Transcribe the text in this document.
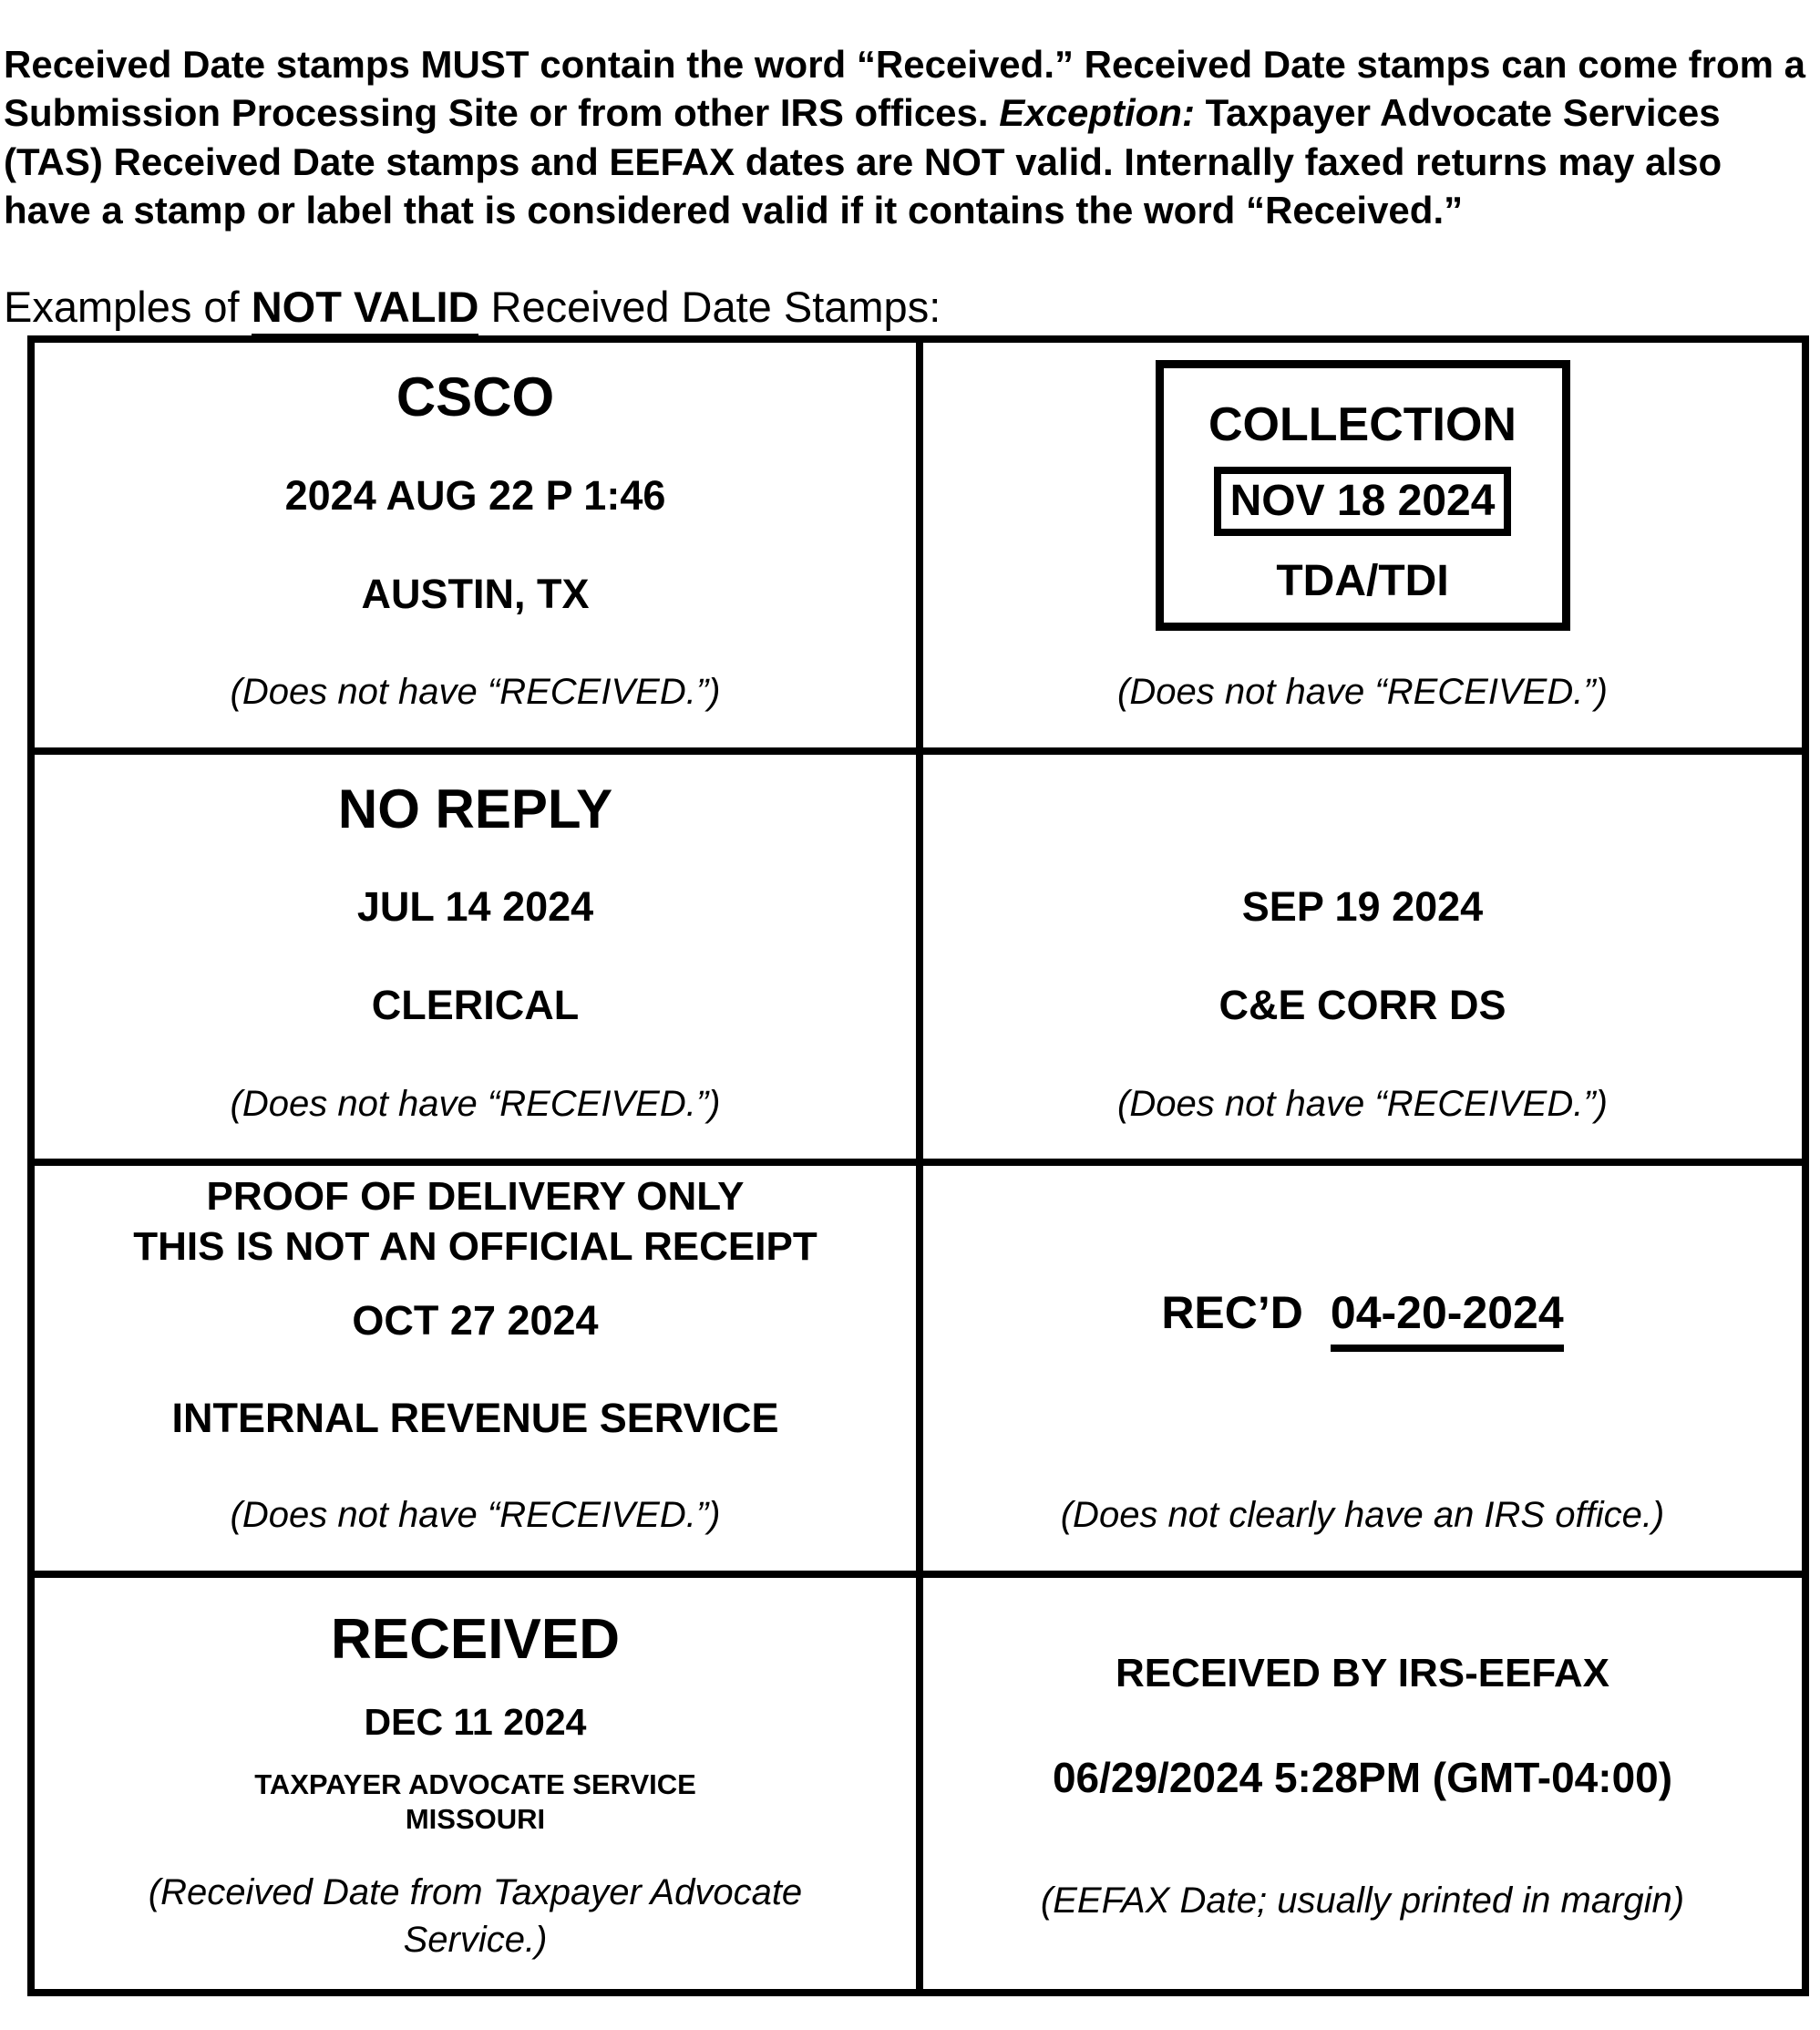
Received Date stamps MUST contain the word “Received.” Received Date stamps can come from a Submission Processing Site or from other IRS offices. Exception: Taxpayer Advocate Services (TAS) Received Date stamps and EEFAX dates are NOT valid. Internally faxed returns may also have a stamp or label that is considered valid if it contains the word “Received.”

Examples of NOT VALID Received Date Stamps:

CSCO
2024 AUG 22 P 1:46
AUSTIN, TX
(Does not have “RECEIVED.”)
COLLECTION
NOV 18 2024
TDA/TDI
(Does not have “RECEIVED.”)
NO REPLY
JUL 14 2024
CLERICAL
(Does not have “RECEIVED.”)
SEP 19 2024
C&E CORR DS
(Does not have “RECEIVED.”)
PROOF OF DELIVERY ONLY
THIS IS NOT AN OFFICIAL RECEIPT
OCT 27 2024
INTERNAL REVENUE SERVICE
(Does not have “RECEIVED.”)
REC’D 04-20-2024
(Does not clearly have an IRS office.)
RECEIVED
DEC 11 2024
TAXPAYER ADVOCATE SERVICE
MISSOURI
(Received Date from Taxpayer Advocate Service.)
RECEIVED BY IRS-EEFAX
06/29/2024 5:28PM (GMT-04:00)
(EEFAX Date; usually printed in margin)
